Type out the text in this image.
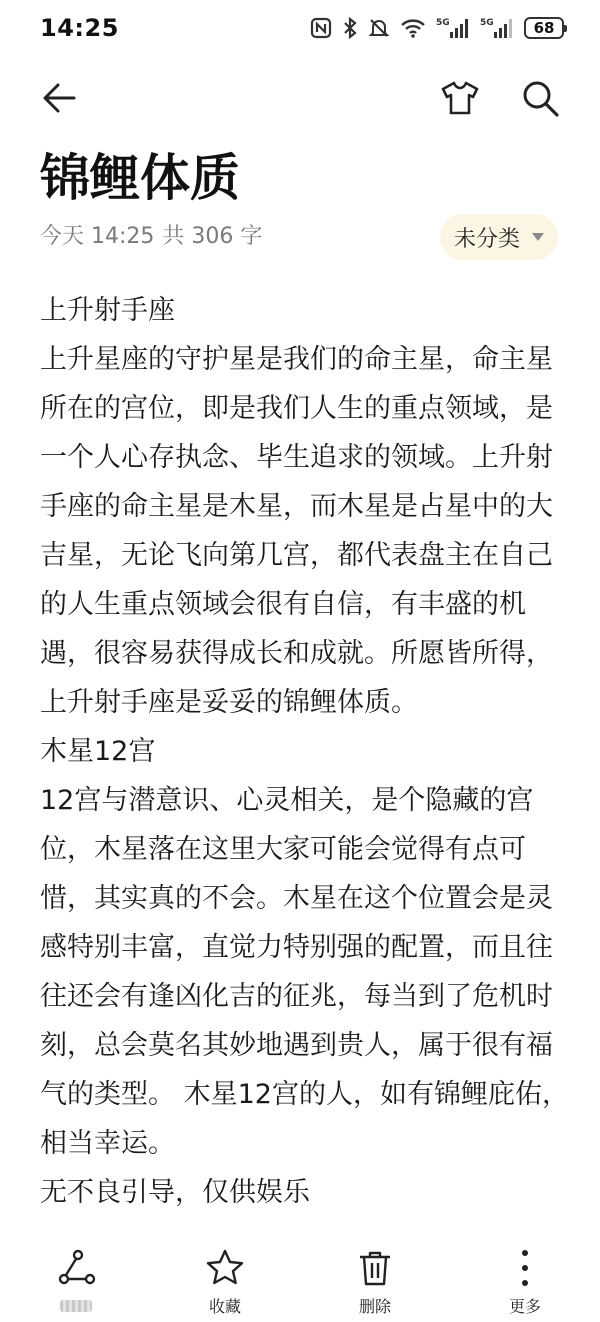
14:25	5G	5G	68
锦鲤体质
今天 14:25 共 306 字	未分类

上升射手座

上升星座的守护星是我们的命主星，命主星所在的宫位，即是我们人生的重点领域，是一个人心存执念、毕生追求的领域。上升射手座的命主星是木星，而木星是占星中的大吉星，无论飞向第几宫，都代表盘主在自己的人生重点领域会很有自信，有丰盛的机遇，很容易获得成长和成就。所愿皆所得，上升射手座是妥妥的锦鲤体质。

木星12宫

12宫与潜意识、心灵相关，是个隐藏的宫位，木星落在这里大家可能会觉得有点可惜，其实真的不会。木星在这个位置会是灵感特别丰富，直觉力特别强的配置，而且往往还会有逢凶化吉的征兆，每当到了危机时刻，总会莫名其妙地遇到贵人，属于很有福气的类型。 木星12宫的人，如有锦鲤庇佑，相当幸运。

无不良引导，仅供娱乐

收藏	删除	更多
